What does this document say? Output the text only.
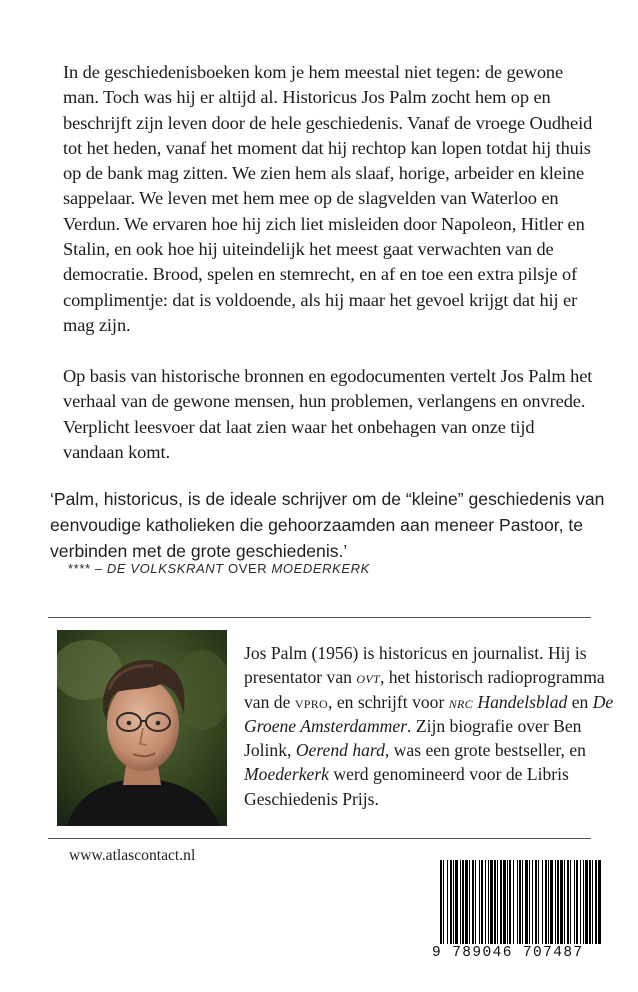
In de geschiedenisboeken kom je hem meestal niet tegen: de gewone man. Toch was hij er altijd al. Historicus Jos Palm zocht hem op en beschrijft zijn leven door de hele geschiedenis. Vanaf de vroege Oudheid tot het heden, vanaf het moment dat hij rechtop kan lopen totdat hij thuis op de bank mag zitten. We zien hem als slaaf, horige, arbeider en kleine sappelaar. We leven met hem mee op de slagvelden van Waterloo en Verdun. We ervaren hoe hij zich liet misleiden door Napoleon, Hitler en Stalin, en ook hoe hij uiteindelijk het meest gaat verwachten van de democratie. Brood, spelen en stemrecht, en af en toe een extra pilsje of complimentje: dat is voldoende, als hij maar het gevoel krijgt dat hij er mag zijn.

Op basis van historische bronnen en egodocumenten vertelt Jos Palm het verhaal van de gewone mensen, hun problemen, verlangens en onvrede. Verplicht leesvoer dat laat zien waar het onbehagen van onze tijd vandaan komt.

‘Palm, historicus, is de ideale schrijver om de “kleine” geschiedenis van eenvoudige katholieken die gehoorzaamden aan meneer Pastoor, te verbinden met de grote geschiedenis.’

**** – DE VOLKSKRANT OVER MOEDERKERK

Jos Palm (1956) is historicus en journalist. Hij is presentator van ovt, het historisch radioprogramma van de vpro, en schrijft voor nrc Handelsblad en De Groene Amsterdammer. Zijn biografie over Ben Jolink, Oerend hard, was een grote bestseller, en Moederkerk werd genomineerd voor de Libris Geschiedenis Prijs.

www.atlascontact.nl
9 789046 707487
